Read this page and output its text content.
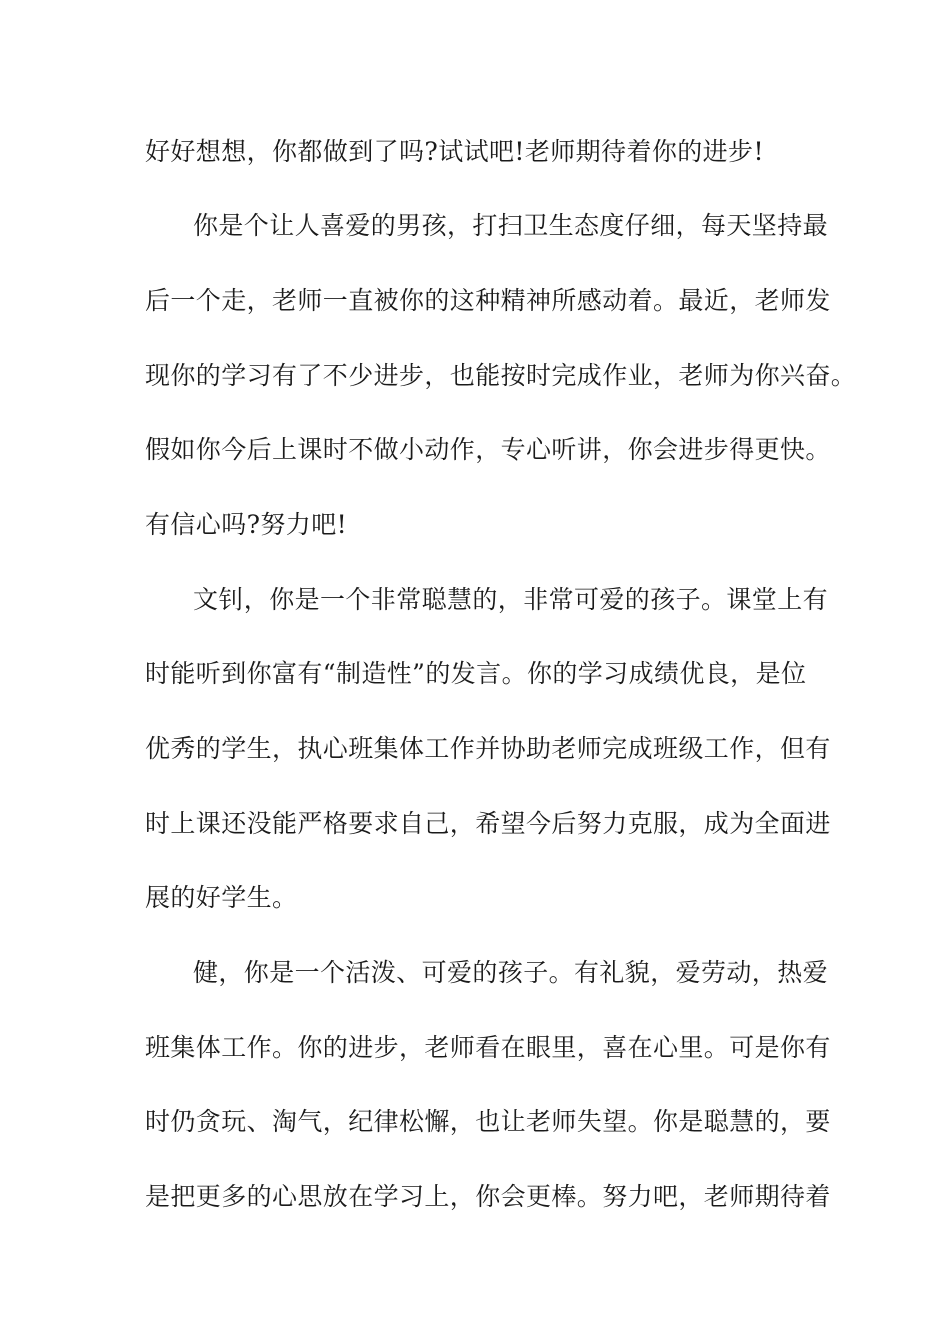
好好想想，你都做到了吗?试试吧!老师期待着你的进步!

你是个让人喜爱的男孩，打扫卫生态度仔细，每天坚持最

后一个走，老师一直被你的这种精神所感动着。最近，老师发

现你的学习有了不少进步，也能按时完成作业，老师为你兴奋。

假如你今后上课时不做小动作，专心听讲，你会进步得更快。

有信心吗?努力吧!

文钊，你是一个非常聪慧的，非常可爱的孩子。课堂上有

时能听到你富有“制造性”的发言。你的学习成绩优良，是位

优秀的学生，执心班集体工作并协助老师完成班级工作，但有

时上课还没能严格要求自己，希望今后努力克服，成为全面进

展的好学生。

健，你是一个活泼、可爱的孩子。有礼貌，爱劳动，热爱

班集体工作。你的进步，老师看在眼里，喜在心里。可是你有

时仍贪玩、淘气，纪律松懈，也让老师失望。你是聪慧的，要

是把更多的心思放在学习上，你会更棒。努力吧，老师期待着
